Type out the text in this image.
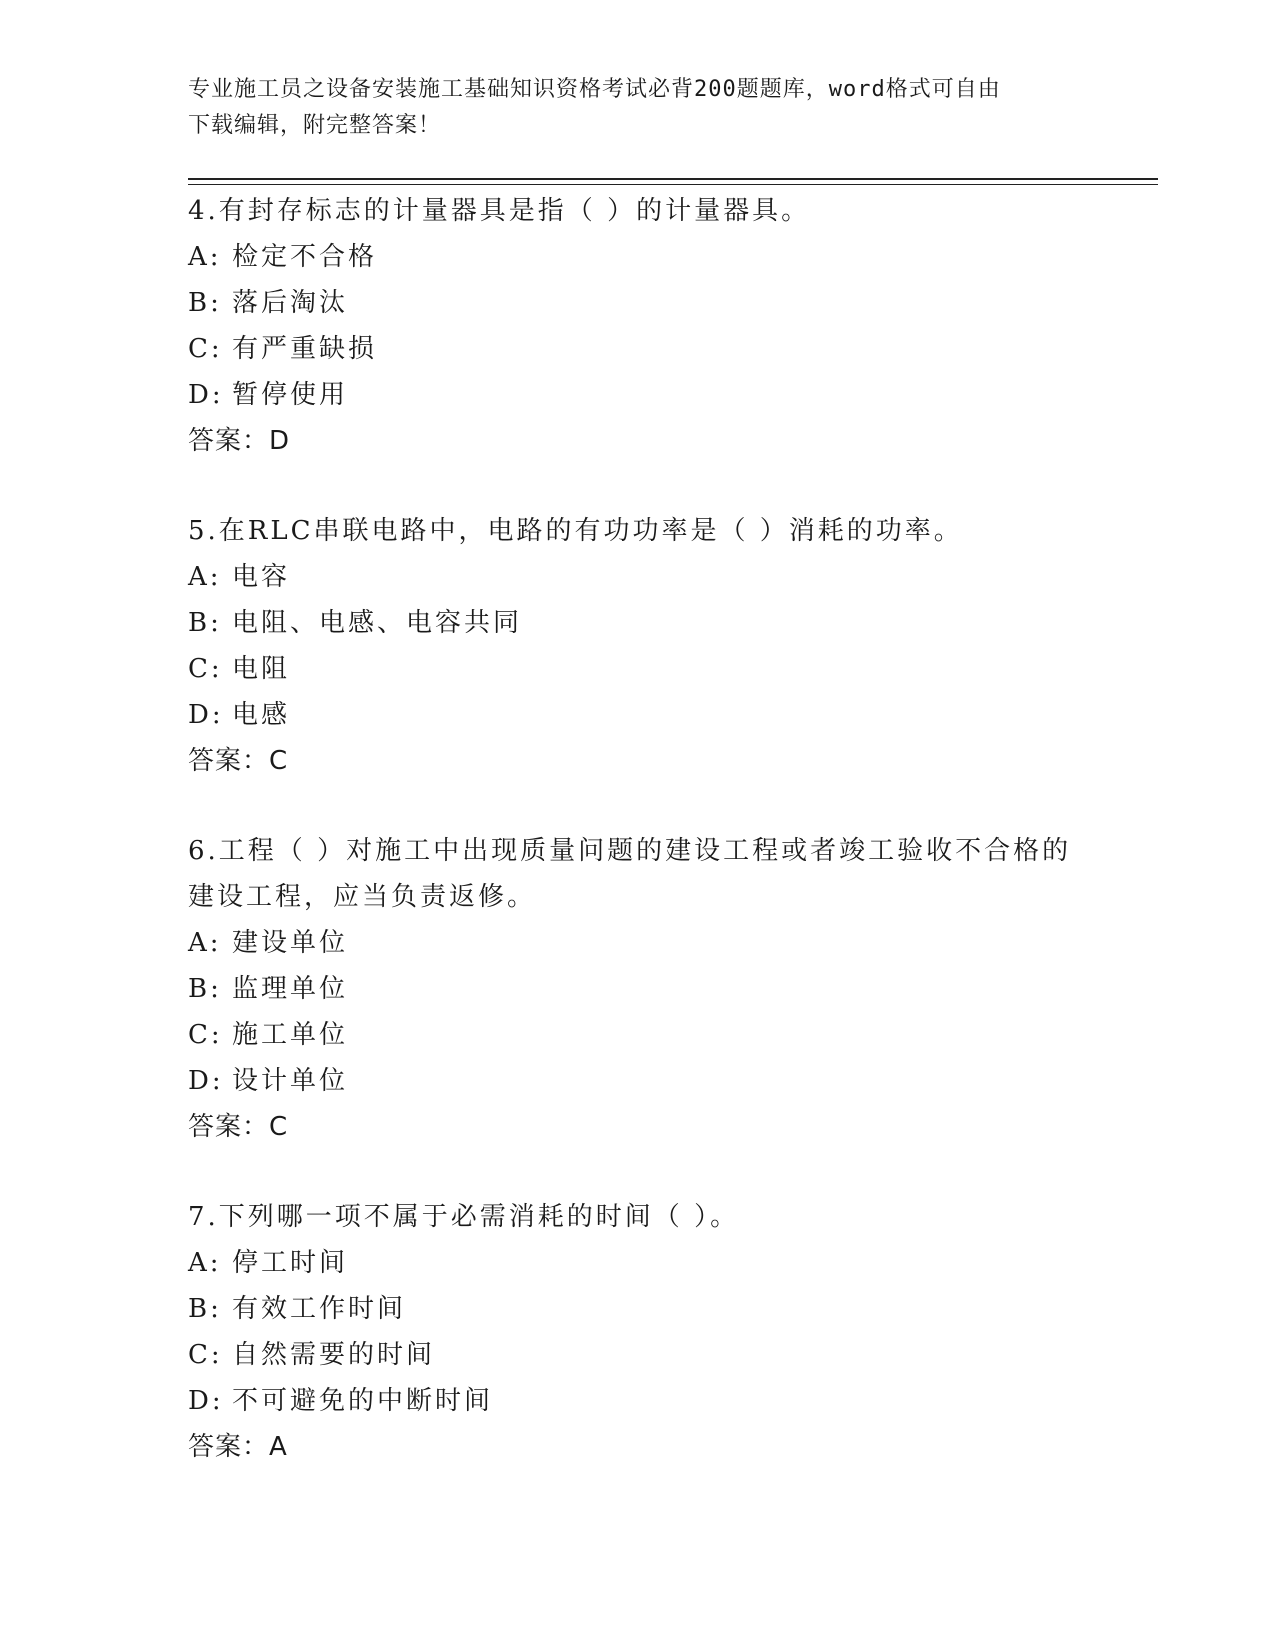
专业施工员之设备安装施工基础知识资格考试必背200题题库，word格式可自由
下载编辑，附完整答案！

4.有封存标志的计量器具是指（ ）的计量器具。

A: 检定不合格

B: 落后淘汰

C: 有严重缺损

D: 暂停使用

答案：D

5.在RLC串联电路中，电路的有功功率是（ ）消耗的功率。

A: 电容

B: 电阻、电感、电容共同

C: 电阻

D: 电感

答案：C

6.工程（ ）对施工中出现质量问题的建设工程或者竣工验收不合格的

建设工程，应当负责返修。

A: 建设单位

B: 监理单位

C: 施工单位

D: 设计单位

答案：C

7.下列哪一项不属于必需消耗的时间（ ）。

A: 停工时间

B: 有效工作时间

C: 自然需要的时间

D: 不可避免的中断时间

答案：A
